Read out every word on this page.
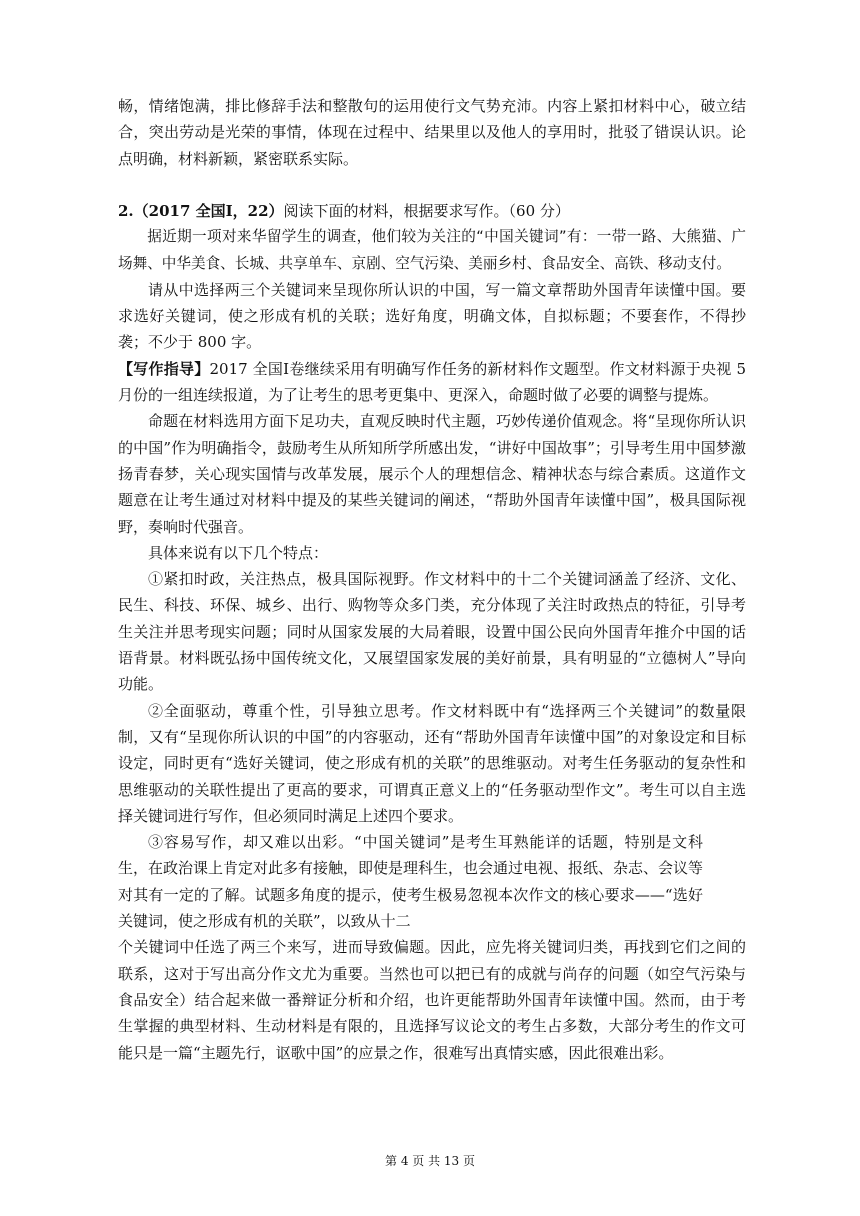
畅，情绪饱满，排比修辞手法和整散句的运用使行文气势充沛。内容上紧扣材料中心，破立结合，突出劳动是光荣的事情，体现在过程中、结果里以及他人的享用时，批驳了错误认识。论点明确，材料新颖，紧密联系实际。

2.（2017 全国Ⅰ，22）阅读下面的材料，根据要求写作。（60 分）

据近期一项对来华留学生的调查，他们较为关注的“中国关键词”有：一带一路、大熊猫、广场舞、中华美食、长城、共享单车、京剧、空气污染、美丽乡村、食品安全、高铁、移动支付。

请从中选择两三个关键词来呈现你所认识的中国，写一篇文章帮助外国青年读懂中国。要求选好关键词，使之形成有机的关联；选好角度，明确文体，自拟标题；不要套作，不得抄袭；不少于 800 字。

【写作指导】2017 全国Ⅰ卷继续采用有明确写作任务的新材料作文题型。作文材料源于央视 5 月份的一组连续报道，为了让考生的思考更集中、更深入，命题时做了必要的调整与提炼。

命题在材料选用方面下足功夫，直观反映时代主题，巧妙传递价值观念。将“呈现你所认识的中国”作为明确指令，鼓励考生从所知所学所感出发，“讲好中国故事”；引导考生用中国梦激扬青春梦，关心现实国情与改革发展，展示个人的理想信念、精神状态与综合素质。这道作文题意在让考生通过对材料中提及的某些关键词的阐述，“帮助外国青年读懂中国”，极具国际视野，奏响时代强音。

具体来说有以下几个特点：

①紧扣时政，关注热点，极具国际视野。作文材料中的十二个关键词涵盖了经济、文化、民生、科技、环保、城乡、出行、购物等众多门类，充分体现了关注时政热点的特征，引导考生关注并思考现实问题；同时从国家发展的大局着眼，设置中国公民向外国青年推介中国的话语背景。材料既弘扬中国传统文化，又展望国家发展的美好前景，具有明显的“立德树人”导向功能。

②全面驱动，尊重个性，引导独立思考。作文材料既中有“选择两三个关键词”的数量限制，又有“呈现你所认识的中国”的内容驱动，还有“帮助外国青年读懂中国”的对象设定和目标设定，同时更有“选好关键词，使之形成有机的关联”的思维驱动。对考生任务驱动的复杂性和思维驱动的关联性提出了更高的要求，可谓真正意义上的“任务驱动型作文”。考生可以自主选择关键词进行写作，但必须同时满足上述四个要求。

③容易写作，却又难以出彩。“中国关键词”是考生耳熟能详的话题，特别是文科生，在政治课上肯定对此多有接触，即使是理科生，也会通过电视、报纸、杂志、会议等对其有一定的了解。试题多角度的提示，使考生极易忽视本次作文的核心要求——“选好关键词，使之形成有机的关联”，以致从十二

个关键词中任选了两三个来写，进而导致偏题。因此，应先将关键词归类，再找到它们之间的联系，这对于写出高分作文尤为重要。当然也可以把已有的成就与尚存的问题（如空气污染与食品安全）结合起来做一番辩证分析和介绍，也许更能帮助外国青年读懂中国。然而，由于考生掌握的典型材料、生动材料是有限的，且选择写议论文的考生占多数，大部分考生的作文可能只是一篇“主题先行，讴歌中国”的应景之作，很难写出真情实感，因此很难出彩。

第 4 页 共 13 页
